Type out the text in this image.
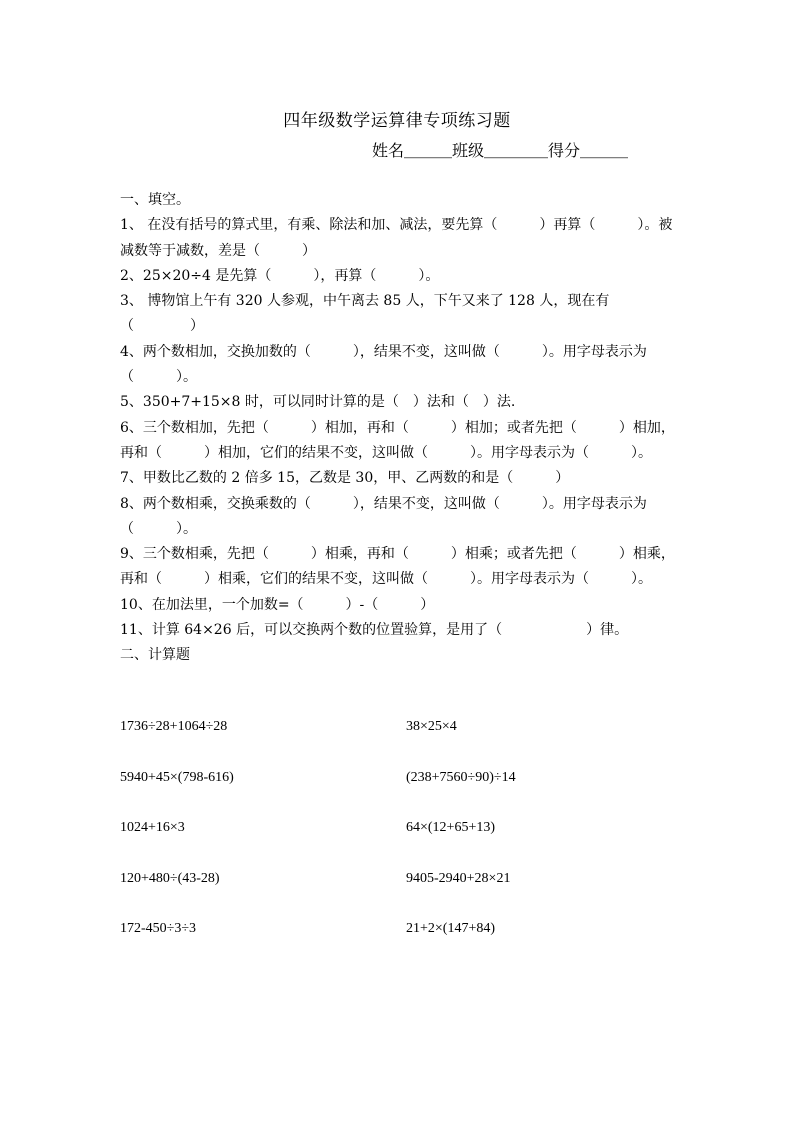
四年级数学运算律专项练习题
姓名＿＿＿班级＿＿＿＿得分＿＿＿

一、填空。

1、 在没有括号的算式里，有乘、除法和加、减法，要先算（　　　）再算（　　　）。被减数等于减数，差是（　　　）

2、25×20÷4 是先算（　　　），再算（　　　）。

3、 博物馆上午有 320 人参观，中午离去 85 人，下午又来了 128 人，现在有（　　　　）

4、两个数相加，交换加数的（　　　），结果不变，这叫做（　　　）。用字母表示为（　　　）。

5、350+7+15×8 时，可以同时计算的是（　）法和（　）法.

6、三个数相加，先把（　　　）相加，再和（　　　）相加；或者先把（　　　）相加，再和（　　　）相加，它们的结果不变，这叫做（　　　）。用字母表示为（　　　）。

7、甲数比乙数的 2 倍多 15，乙数是 30，甲、乙两数的和是（　　　）

8、两个数相乘，交换乘数的（　　　），结果不变，这叫做（　　　）。用字母表示为（　　　）。

9、三个数相乘，先把（　　　）相乘，再和（　　　）相乘；或者先把（　　　）相乘，再和（　　　）相乘，它们的结果不变，这叫做（　　　）。用字母表示为（　　　）。

10、在加法里，一个加数=（　　　）-（　　　）

11、计算 64×26 后，可以交换两个数的位置验算，是用了（　　　　　　）律。

二、计算题

1736÷28+1064÷28	38×25×4
5940+45×(798-616)	(238+7560÷90)÷14
1024+16×3	64×(12+65+13)
120+480÷(43-28)	9405-2940+28×21
172-450÷3÷3	21+2×(147+84)
